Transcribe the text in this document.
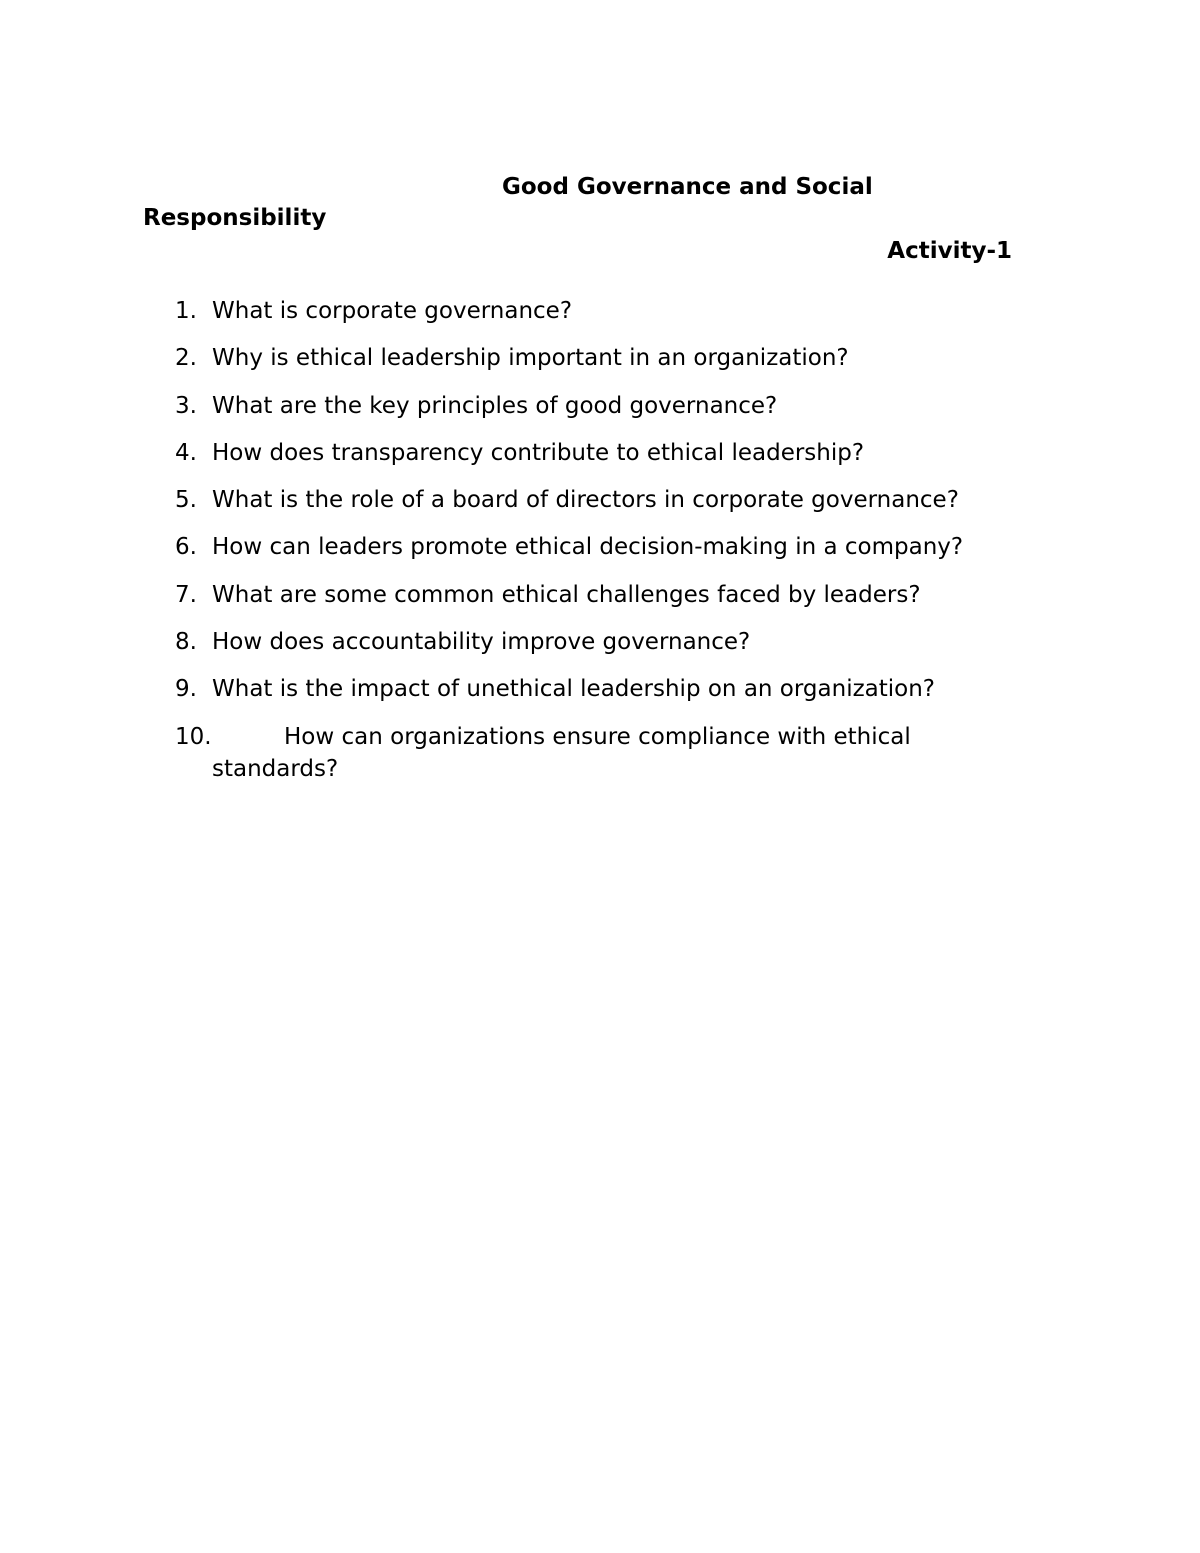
Good Governance and Social
Responsibility
Activity-1
1. What is corporate governance?
2. Why is ethical leadership important in an organization?
3. What are the key principles of good governance?
4. How does transparency contribute to ethical leadership?
5. What is the role of a board of directors in corporate governance?
6. How can leaders promote ethical decision-making in a company?
7. What are some common ethical challenges faced by leaders?
8. How does accountability improve governance?
9. What is the impact of unethical leadership on an organization?
10.	How can organizations ensure compliance with ethical
standards?
